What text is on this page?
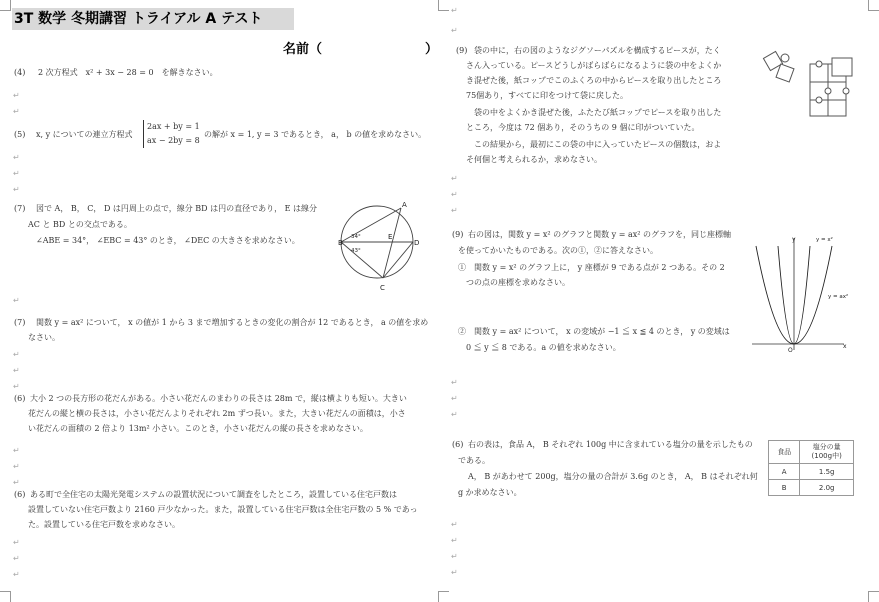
3T 数学 冬期講習 トライアル A テスト
名前（	）
(4) 2 次方程式　x² + 3x − 28 = 0　を解きなさい。
(5) x, y についての連立方程式
2ax + by = 1
ax − 2by = 8
の解が x = 1, y = 3 であるとき， a， b の値を求めなさい。
(7) 図で A， B， C， D は円周上の点で，線分 BD は円の直径であり， E は線分
AC と BD との交点である。
∠ABE = 34°， ∠EBC = 43° のとき， ∠DEC の大きさを求めなさい。
A
B
C
D
E
34°
43°
(7) 関数 y = ax² について， x の値が 1 から 3 まで増加するときの変化の割合が 12 であるとき， a の値を求め
なさい。
(6) 大小 2 つの長方形の花だんがある。小さい花だんのまわりの長さは 28m で，縦は横よりも短い。大きい
花だんの縦と横の長さは，小さい花だんよりそれぞれ 2m ずつ長い。また，大きい花だんの面積は，小さ
い花だんの面積の 2 倍より 13m² 小さい。このとき，小さい花だんの縦の長さを求めなさい。
(6) ある町で全住宅の太陽光発電システムの設置状況について調査をしたところ，設置している住宅戸数は
設置していない住宅戸数より 2160 戸少なかった。また，設置している住宅戸数は全住宅戸数の 5 % であっ
た。設置している住宅戸数を求めなさい。
↵
↵
↵
↵
↵
↵
↵
↵
↵
↵
↵
↵
↵
↵
↵
(9) 袋の中に，右の図のようなジグソーパズルを構成するピースが，たく
さん入っている。ピースどうしがばらばらになるように袋の中をよくか
き混ぜた後，紙コップでこのふくろの中からピースを取り出したところ
75個あり，すべてに印をつけて袋に戻した。
　袋の中をよくかき混ぜた後，ふたたび紙コップでピースを取り出した
ところ，今度は 72 個あり，そのうちの 9 個に印がついていた。
　この結果から，最初にこの袋の中に入っていたピースの個数は，およ
そ何個と考えられるか，求めなさい。
(9) 右の図は，関数 y = x² のグラフと関数 y = ax² のグラフを，同じ座標軸
を使ってかいたものである。次の①，②に答えなさい。
①　関数 y = x² のグラフ上に， y 座標が 9 である点が 2 つある。その 2
　つの点の座標を求めなさい。
②　関数 y = ax² について， x の変域が −1 ≦ x ≦ 4 のとき， y の変域は
　0 ≦ y ≦ 8 である。a の値を求めなさい。
y
x
O
y = x²
y = ax²
(6) 右の表は，食品 A， B それぞれ 100g 中に含まれている塩分の量を示したもの
である。
　A， B があわせて 200g，塩分の量の合計が 3.6g のとき， A， B はそれぞれ何
g か求めなさい。
食品	塩分の量
(100g中)

A	1.5g
B	2.0g
↵
↵
↵
↵
↵
↵
↵
↵
↵
↵
↵
↵
